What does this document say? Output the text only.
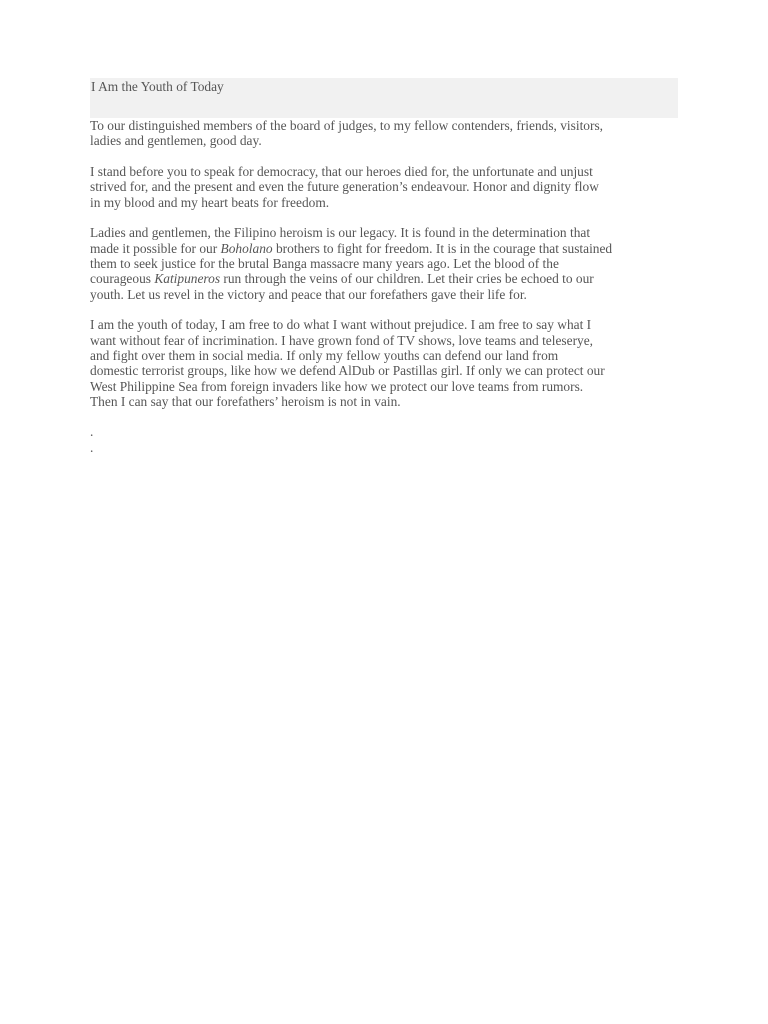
I Am the Youth of Today

To our distinguished members of the board of judges, to my fellow contenders, friends, visitors,
ladies and gentlemen, good day.

I stand before you to speak for democracy, that our heroes died for, the unfortunate and unjust
strived for, and the present and even the future generation’s endeavour. Honor and dignity flow
in my blood and my heart beats for freedom.

Ladies and gentlemen, the Filipino heroism is our legacy. It is found in the determination that
made it possible for our Boholano brothers to fight for freedom. It is in the courage that sustained
them to seek justice for the brutal Banga massacre many years ago. Let the blood of the
courageous Katipuneros run through the veins of our children. Let their cries be echoed to our
youth. Let us revel in the victory and peace that our forefathers gave their life for.

I am the youth of today, I am free to do what I want without prejudice. I am free to say what I
want without fear of incrimination. I have grown fond of TV shows, love teams and teleserye,
and fight over them in social media. If only my fellow youths can defend our land from
domestic terrorist groups, like how we defend AlDub or Pastillas girl. If only we can protect our
West Philippine Sea from foreign invaders like how we protect our love teams from rumors.
Then I can say that our forefathers’ heroism is not in vain.

.
.
